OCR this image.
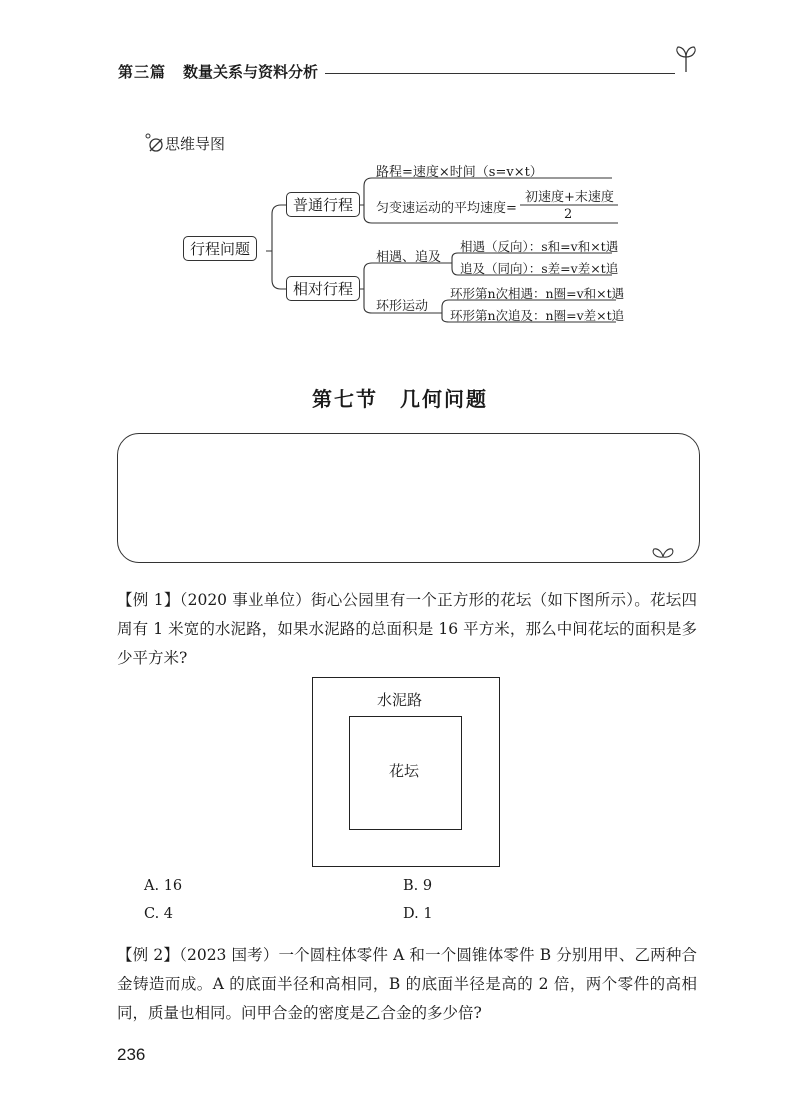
第三篇 数量关系与资料分析
思维导图
行程问题
普通行程
相对行程
路程=速度×时间（s=v×t）
匀变速运动的平均速度=
初速度+末速度
2
相遇、追及
环形运动
相遇（反向）：s和=v和×t遇
追及（同向）：s差=v差×t追
环形第n次相遇：n圈=v和×t遇
环形第n次追及：n圈=v差×t追
第七节　几何问题
【例 1】（2020 事业单位）街心公园里有一个正方形的花坛（如下图所示）。花坛四周有 1 米宽的水泥路，如果水泥路的总面积是 16 平方米，那么中间花坛的面积是多少平方米?
水泥路
花坛
A. 16	B. 9
C. 4	D. 1
【例 2】（2023 国考）一个圆柱体零件 A 和一个圆锥体零件 B 分别用甲、乙两种合金铸造而成。A 的底面半径和高相同，B 的底面半径是高的 2 倍，两个零件的高相同，质量也相同。问甲合金的密度是乙合金的多少倍?
236
